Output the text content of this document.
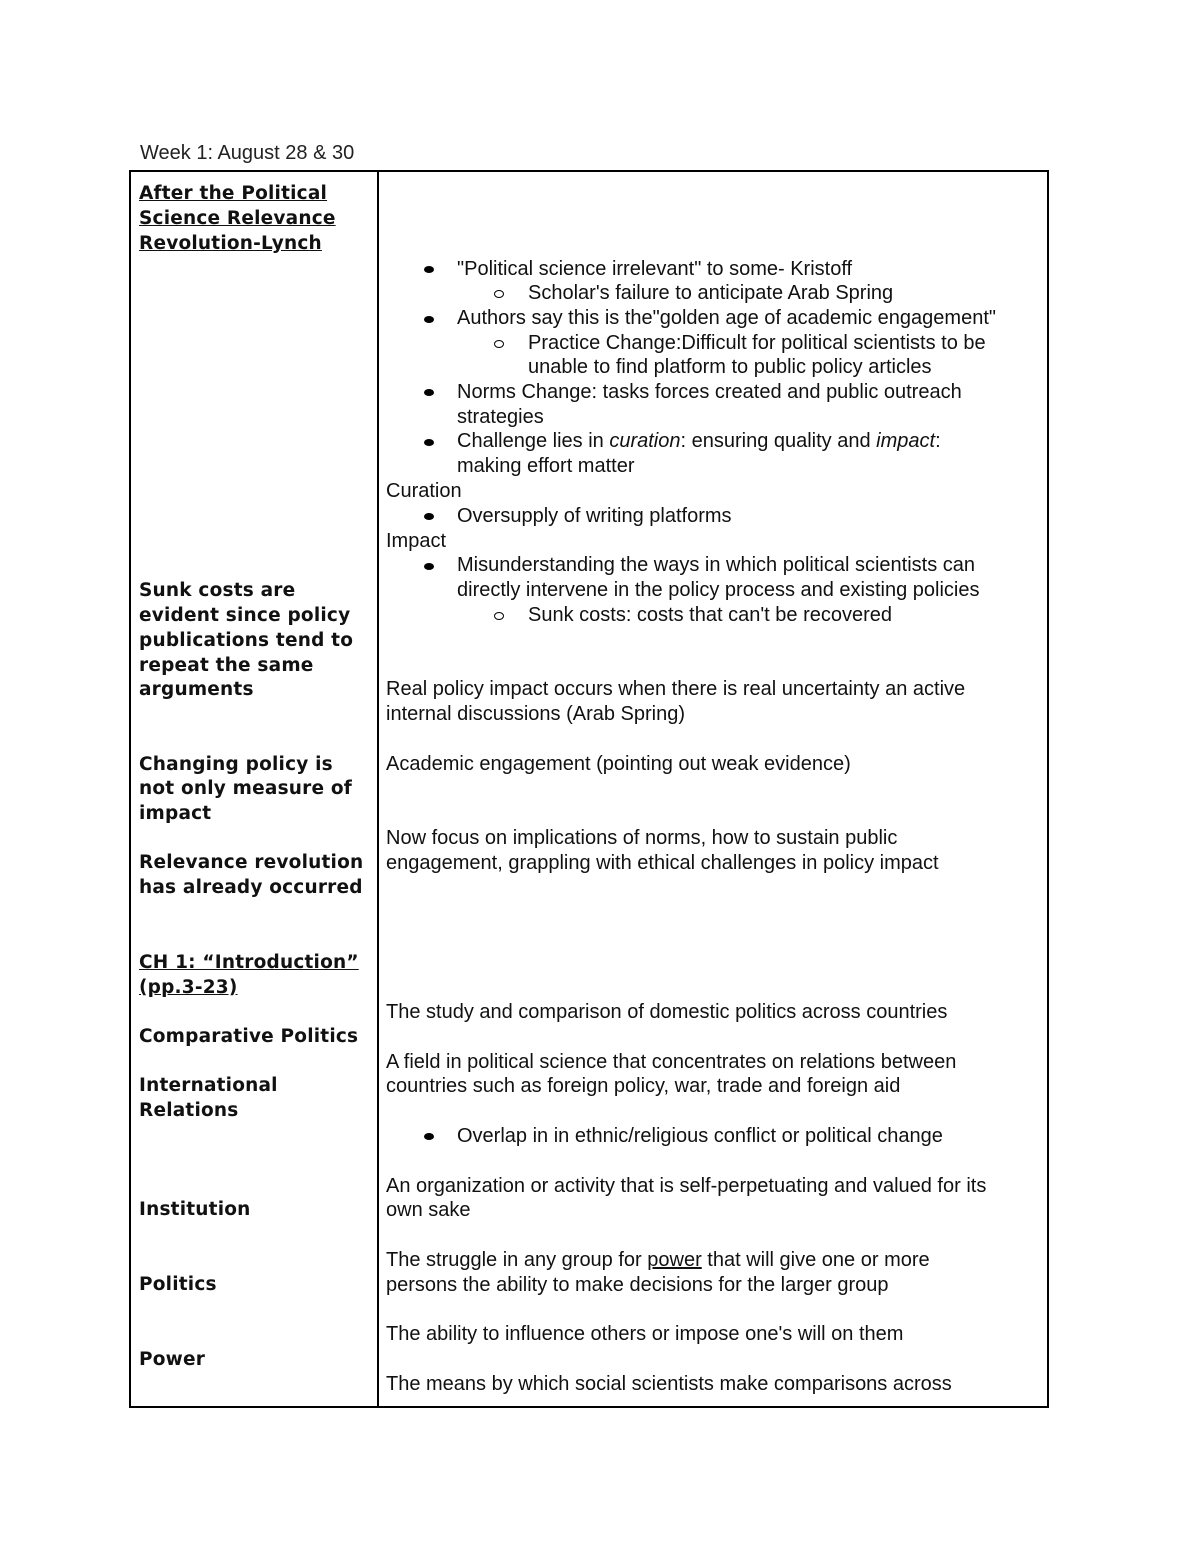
Week 1: August 28 & 30
After the Political
Science Relevance
Revolution-Lynch
Sunk costs are
evident since policy
publications tend to
repeat the same
arguments
Changing policy is
not only measure of
impact
Relevance revolution
has already occurred
CH 1: “Introduction”
(pp.3-23)
Comparative Politics
International
Relations
Institution
Politics
Power
"Political science irrelevant" to some- Kristoff
Scholar's failure to anticipate Arab Spring
Authors say this is the"golden age of academic engagement"
Practice Change:Difficult for political scientists to be
unable to find platform to public policy articles
Norms Change: tasks forces created and public outreach
strategies
Challenge lies in curation: ensuring quality and impact:
making effort matter
Curation
Oversupply of writing platforms
Impact
Misunderstanding the ways in which political scientists can
directly intervene in the policy process and existing policies
Sunk costs: costs that can't be recovered
Real policy impact occurs when there is real uncertainty an active
internal discussions (Arab Spring)
Academic engagement (pointing out weak evidence)
Now focus on implications of norms, how to sustain public
engagement, grappling with ethical challenges in policy impact
The study and comparison of domestic politics across countries
A field in political science that concentrates on relations between
countries such as foreign policy, war, trade and foreign aid
Overlap in in ethnic/religious conflict or political change
An organization or activity that is self-perpetuating and valued for its
own sake
The struggle in any group for power that will give one or more
persons the ability to make decisions for the larger group
The ability to influence others or impose one's will on them
The means by which social scientists make comparisons across
